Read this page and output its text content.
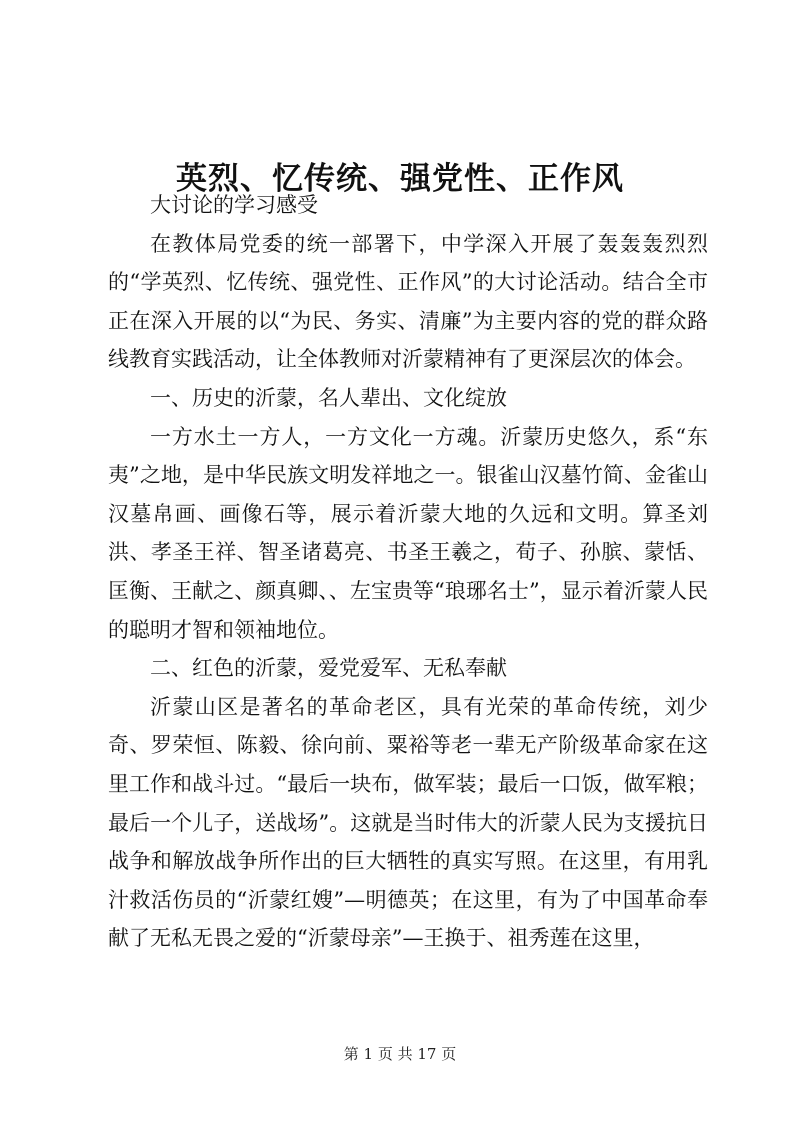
英烈、忆传统、强党性、正作风

大讨论的学习感受

在教体局党委的统一部署下，中学深入开展了轰轰轰烈烈的“学英烈、忆传统、强党性、正作风”的大讨论活动。结合全市正在深入开展的以“为民、务实、清廉”为主要内容的党的群众路线教育实践活动，让全体教师对沂蒙精神有了更深层次的体会。

一、历史的沂蒙，名人辈出、文化绽放

一方水土一方人，一方文化一方魂。沂蒙历史悠久，系“东夷”之地，是中华民族文明发祥地之一。银雀山汉墓竹简、金雀山汉墓帛画、画像石等，展示着沂蒙大地的久远和文明。算圣刘洪、孝圣王祥、智圣诸葛亮、书圣王羲之，荀子、孙膑、蒙恬、匡衡、王献之、颜真卿、、左宝贵等“琅琊名士”，显示着沂蒙人民的聪明才智和领袖地位。

二、红色的沂蒙，爱党爱军、无私奉献

沂蒙山区是著名的革命老区，具有光荣的革命传统，刘少奇、罗荣恒、陈毅、徐向前、粟裕等老一辈无产阶级革命家在这里工作和战斗过。“最后一块布，做军装；最后一口饭，做军粮；最后一个儿子，送战场”。这就是当时伟大的沂蒙人民为支援抗日战争和解放战争所作出的巨大牺牲的真实写照。在这里，有用乳汁救活伤员的“沂蒙红嫂”—明德英；在这里，有为了中国革命奉献了无私无畏之爱的“沂蒙母亲”—王换于、祖秀莲在这里，

第 1 页 共 17 页
